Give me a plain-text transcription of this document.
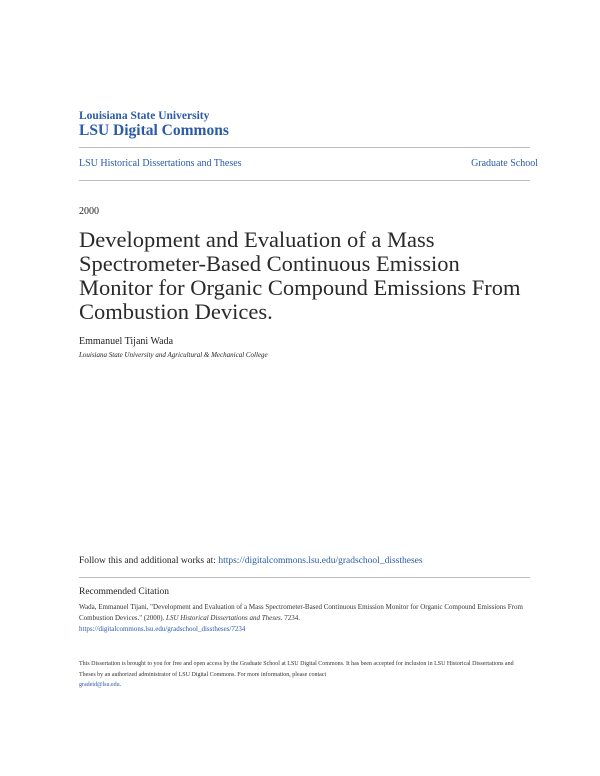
Louisiana State University
LSU Digital Commons
LSU Historical Dissertations and Theses	Graduate School
2000
Development and Evaluation of a Mass Spectrometer-Based Continuous Emission Monitor for Organic Compound Emissions From Combustion Devices.
Emmanuel Tijani Wada
Louisiana State University and Agricultural & Mechanical College
Follow this and additional works at: https://digitalcommons.lsu.edu/gradschool_disstheses
Recommended Citation
Wada, Emmanuel Tijani, "Development and Evaluation of a Mass Spectrometer-Based Continuous Emission Monitor for Organic Compound Emissions From Combustion Devices." (2000). LSU Historical Dissertations and Theses. 7234.
https://digitalcommons.lsu.edu/gradschool_disstheses/7234
This Dissertation is brought to you for free and open access by the Graduate School at LSU Digital Commons. It has been accepted for inclusion in LSU Historical Dissertations and Theses by an authorized administrator of LSU Digital Commons. For more information, please contact
gradetd@lsu.edu.
